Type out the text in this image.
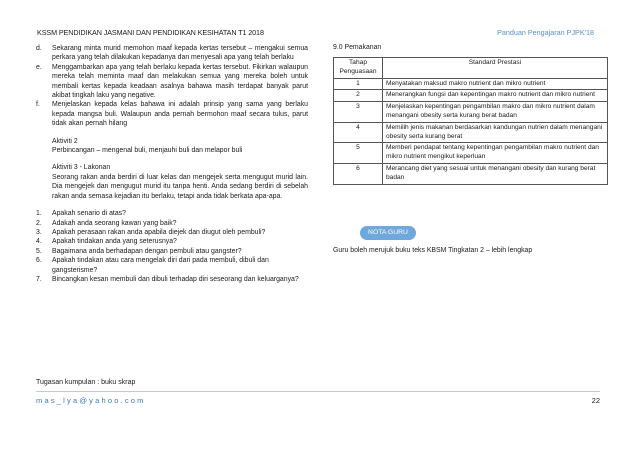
KSSM PENDIDIKAN JASMANI DAN PENDIDIKAN KESIHATAN T1 2018	Panduan Pengajaran PJPK'18
d.	Sekarang minta murid memohon maaf kepada kertas tersebut – mengakui semua perkara yang telah dilakukan kepadanya dan menyesali apa yang telah berlaku
e.	Menggambarkan apa yang telah berlaku kepada kertas tersebut. Fikirkan walaupun mereka telah meminta maaf dan melakukan semua yang mereka boleh untuk membali kertas kepada keadaan asalnya bahawa masih terdapat banyak parut akibat tingkah laku yang negative.
f.	Menjelaskan kepada kelas bahawa ini adalah prinsip yang sama yang berlaku kepada mangsa buli. Walaupun anda pernah bermohon maaf secara tulus, parut tidak akan pernah hilang
Aktiviti 2
Perbincangan – mengenal buli, menjauhi buli dan melapor buli
Aktiviti 3 - Lakonan
Seorang rakan anda berdiri di luar kelas dan mengejek serta mengugut murid lain. Dia mengejek dan mengugut murid itu tanpa henti. Anda sedang berdiri di sebelah rakan anda semasa kejadian itu berlaku, tetapi anda tidak berkata apa-apa.
1.	Apakah senario di atas?
2.	Adakah anda seorang kawan yang baik?
3.	Apakah perasaan rakan anda apabila diejek dan diugut oleh pembuli?
4.	Apakah tindakan anda yang seterusnya?
5.	Bagaimana anda berhadapan dengan pembuli atau gangster?
6.	Apakah tindakan atau cara mengelak diri dari pada membuli, dibuli dan gangsterisme?
7.	Bincangkan kesan membuli dan dibuli terhadap diri seseorang dan keluarganya?
Tugasan kumpulan : buku skrap
9.0 Pemakanan
Tahap Penguasaan	Standard Prestasi
1	Menyatakan maksud makro nutrient dan mikro nutrient
2	Menerangkan fungsi dan kepentingan makro nutrient dan mikro nutrient
3	Menjelaskan kepentingan pengambilan makro dan mikro nutrient dalam menangani obesity serta kurang berat badan
4	Memilih jenis makanan berdasarkan kandungan nutrien dalam menangani obesity serta kurang berat
5	Memberi pendapat tentang kepentingan pengambilan makro nutrient dan mikro nutrient mengikut keperluan
6	Merancang diet yang sesuai untuk menangani obesity dan kurang berat badan
NOTA GURU
Guru boleh merujuk buku teks KBSM Tingkatan 2 – lebih lengkap
mas_lya@yahoo.com	22
